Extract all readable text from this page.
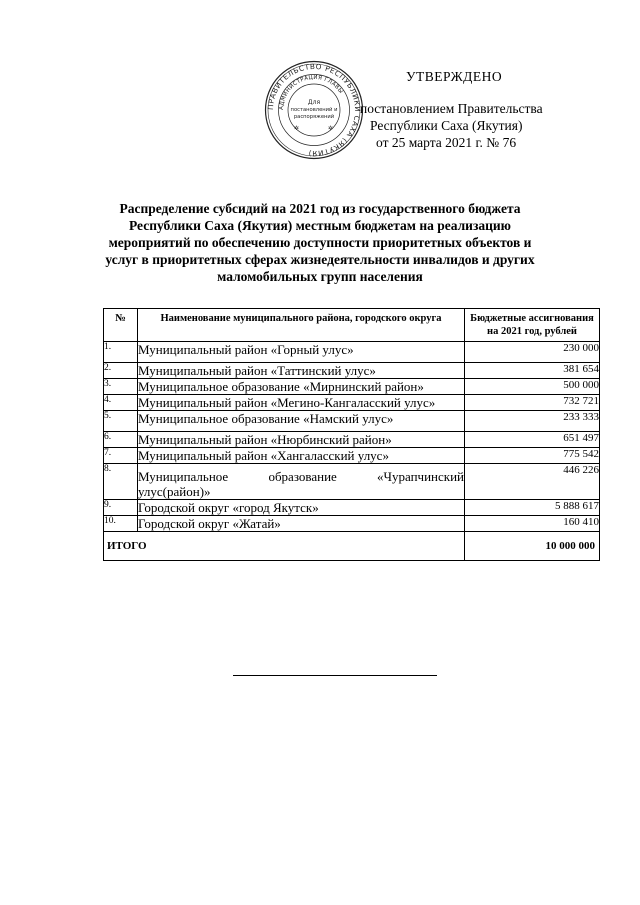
ПРАВИТЕЛЬСТВО РЕСПУБЛИКИ САХА (ЯКУТИЯ)
АДМИНИСТРАЦИЯ ГЛАВЫ
Для
постановлений и
распоряжений
✲	✲
УТВЕРЖДЕНО
постановлением Правительства
Республики Саха (Якутия)
от 25 марта 2021 г. № 76
Распределение субсидий на 2021 год из государственного бюджета Республики Саха (Якутия) местным бюджетам на реализацию мероприятий по обеспечению доступности приоритетных объектов и услуг в приоритетных сферах жизнедеятельности инвалидов и других маломобильных групп населения
№	Наименование муниципального района, городского округа	Бюджетные ассигнования на 2021 год, рублей
1.	Муниципальный район «Горный улус»	230 000
2.	Муниципальный район «Таттинский улус»	381 654
3.	Муниципальное образование «Мирнинский район»	500 000
4.	Муниципальный район «Мегино-Кангаласский улус»	732 721
5.	Муниципальное образование «Намский улус»	233 333
6.	Муниципальный район «Нюрбинский район»	651 497
7.	Муниципальный район «Хангаласский улус»	775 542
8.	Муниципальное образование «Чурапчинский улус(район)»	446 226
9.	Городской округ «город Якутск»	5 888 617
10.	Городской округ «Жатай»	160 410
ИТОГО		10 000 000
